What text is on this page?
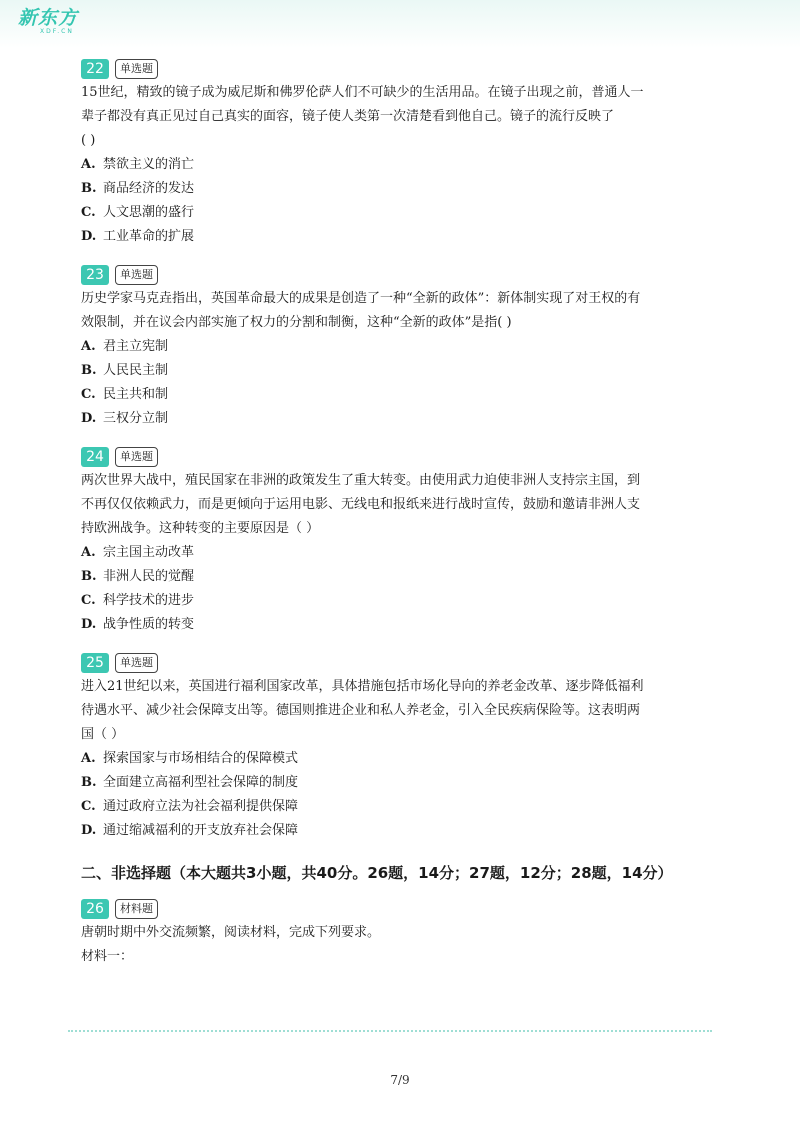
新东方
XDF.CN
22	单选题

15世纪，精致的镜子成为威尼斯和佛罗伦萨人们不可缺少的生活用品。在镜子出现之前，普通人一

辈子都没有真正见过自己真实的面容，镜子使人类第一次清楚看到他自己。镜子的流行反映了

( )

A. 禁欲主义的消亡
B. 商品经济的发达
C. 人文思潮的盛行
D. 工业革命的扩展
23	单选题

历史学家马克垚指出，英国革命最大的成果是创造了一种“全新的政体”：新体制实现了对王权的有

效限制，并在议会内部实施了权力的分割和制衡，这种“全新的政体”是指( )

A. 君主立宪制
B. 人民民主制
C. 民主共和制
D. 三权分立制
24	单选题

两次世界大战中，殖民国家在非洲的政策发生了重大转变。由使用武力迫使非洲人支持宗主国，到

不再仅仅依赖武力，而是更倾向于运用电影、无线电和报纸来进行战时宣传，鼓励和邀请非洲人支

持欧洲战争。这种转变的主要原因是（ ）

A. 宗主国主动改革
B. 非洲人民的觉醒
C. 科学技术的进步
D. 战争性质的转变
25	单选题

进入21世纪以来，英国进行福利国家改革，具体措施包括市场化导向的养老金改革、逐步降低福利

待遇水平、减少社会保障支出等。德国则推进企业和私人养老金，引入全民疾病保险等。这表明两

国（ ）

A. 探索国家与市场相结合的保障模式
B. 全面建立高福利型社会保障的制度
C. 通过政府立法为社会福利提供保障
D. 通过缩减福利的开支放弃社会保障

二、非选择题（本大题共3小题，共40分。26题，14分；27题，12分；28题，14分）

26	材料题

唐朝时期中外交流频繁，阅读材料，完成下列要求。

材料一：

7/9
